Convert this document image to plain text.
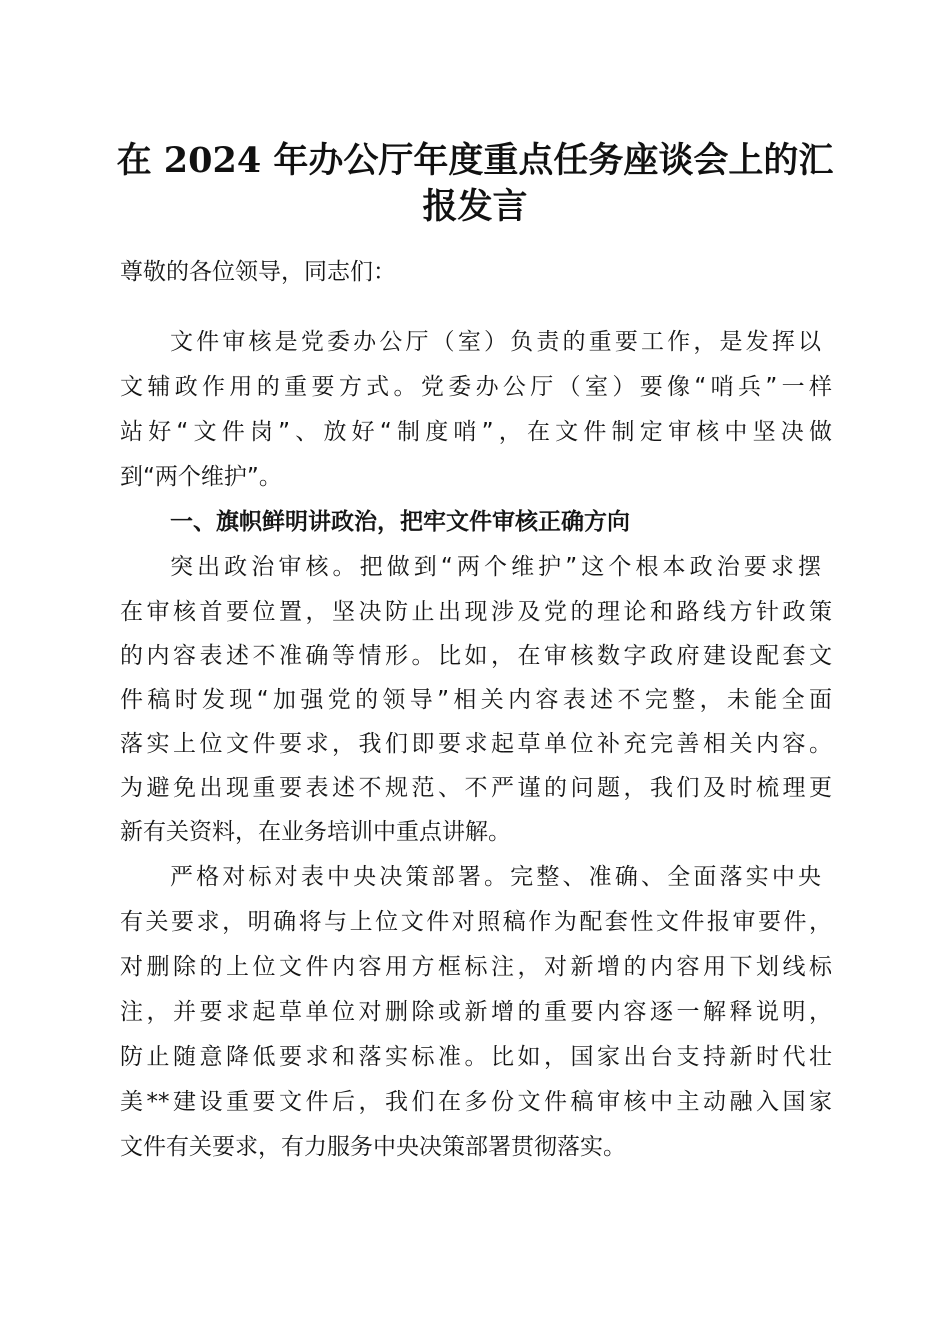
在 2024 年办公厅年度重点任务座谈会上的汇
报发言
尊敬的各位领导，同志们：
文件审核是党委办公厅（室）负责的重要工作，是发挥以
文辅政作用的重要方式。党委办公厅（室）要像“哨兵”一样
站好“文件岗”、放好“制度哨”，在文件制定审核中坚决做
到“两个维护”。
一、旗帜鲜明讲政治，把牢文件审核正确方向
突出政治审核。把做到“两个维护”这个根本政治要求摆
在审核首要位置，坚决防止出现涉及党的理论和路线方针政策
的内容表述不准确等情形。比如，在审核数字政府建设配套文
件稿时发现“加强党的领导”相关内容表述不完整，未能全面
落实上位文件要求，我们即要求起草单位补充完善相关内容。
为避免出现重要表述不规范、不严谨的问题，我们及时梳理更
新有关资料，在业务培训中重点讲解。
严格对标对表中央决策部署。完整、准确、全面落实中央
有关要求，明确将与上位文件对照稿作为配套性文件报审要件，
对删除的上位文件内容用方框标注，对新增的内容用下划线标
注，并要求起草单位对删除或新增的重要内容逐一解释说明，
防止随意降低要求和落实标准。比如，国家出台支持新时代壮
美**建设重要文件后，我们在多份文件稿审核中主动融入国家
文件有关要求，有力服务中央决策部署贯彻落实。
